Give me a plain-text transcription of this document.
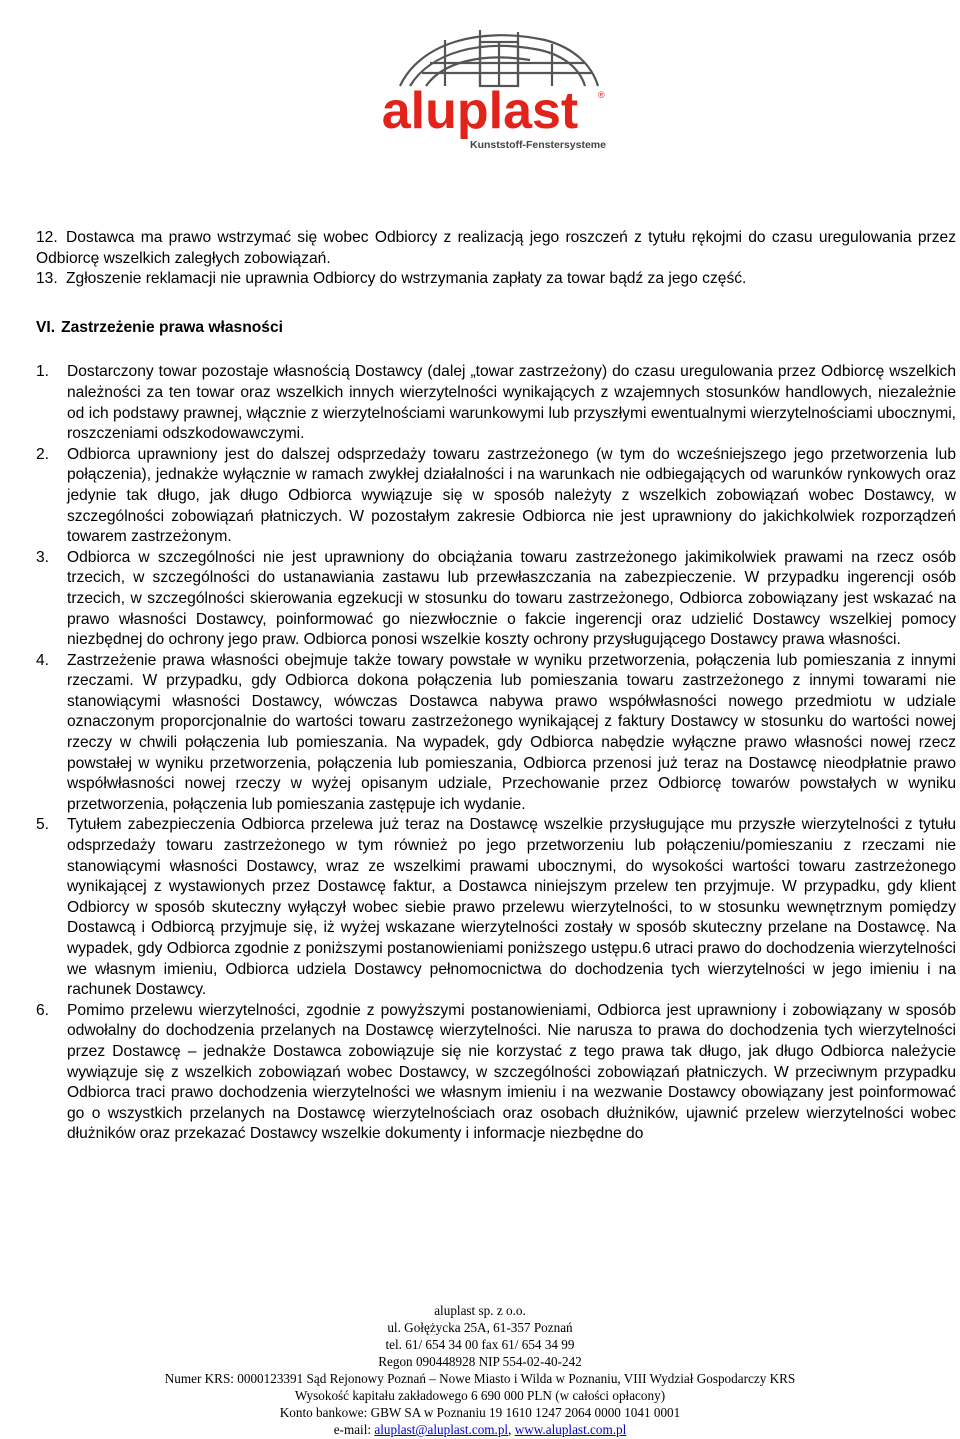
aluplast ®
Kunststoff-Fenstersysteme

12. Dostawca ma prawo wstrzymać się wobec Odbiorcy z realizacją jego roszczeń z tytułu rękojmi do czasu uregulowania przez Odbiorcę wszelkich zaległych zobowiązań.

13. Zgłoszenie reklamacji nie uprawnia Odbiorcy do wstrzymania zapłaty za towar bądź za jego część.

VI. Zastrzeżenie prawa własności

1.	Dostarczony towar pozostaje własnością Dostawcy (dalej „towar zastrzeżony) do czasu uregulowania przez Odbiorcę wszelkich należności za ten towar oraz wszelkich innych wierzytelności wynikających z wzajemnych stosunków handlowych, niezależnie od ich podstawy prawnej, włącznie z wierzytelnościami warunkowymi lub przyszłymi ewentualnymi wierzytelnościami ubocznymi, roszczeniami odszkodowawczymi.
2.	Odbiorca uprawniony jest do dalszej odsprzedaży towaru zastrzeżonego (w tym do wcześniejszego jego przetworzenia lub połączenia), jednakże wyłącznie w ramach zwykłej działalności i na warunkach nie odbiegających od warunków rynkowych oraz jedynie tak długo, jak długo Odbiorca wywiązuje się w sposób należyty z wszelkich zobowiązań wobec Dostawcy, w szczególności zobowiązań płatniczych. W pozostałym zakresie Odbiorca nie jest uprawniony do jakichkolwiek rozporządzeń towarem zastrzeżonym.
3.	Odbiorca w szczególności nie jest uprawniony do obciążania towaru zastrzeżonego jakimikolwiek prawami na rzecz osób trzecich, w szczególności do ustanawiania zastawu lub przewłaszczania na zabezpieczenie. W przypadku ingerencji osób trzecich, w szczególności skierowania egzekucji w stosunku do towaru zastrzeżonego, Odbiorca zobowiązany jest wskazać na prawo własności Dostawcy, poinformować go niezwłocznie o fakcie ingerencji oraz udzielić Dostawcy wszelkiej pomocy niezbędnej do ochrony jego praw. Odbiorca ponosi wszelkie koszty ochrony przysługującego Dostawcy prawa własności.
4.	Zastrzeżenie prawa własności obejmuje także towary powstałe w wyniku przetworzenia, połączenia lub pomieszania z innymi rzeczami. W przypadku, gdy Odbiorca dokona połączenia lub pomieszania towaru zastrzeżonego z innymi towarami nie stanowiącymi własności Dostawcy, wówczas Dostawca nabywa prawo współwłasności nowego przedmiotu w udziale oznaczonym proporcjonalnie do wartości towaru zastrzeżonego wynikającej z faktury Dostawcy w stosunku do wartości nowej rzeczy w chwili połączenia lub pomieszania. Na wypadek, gdy Odbiorca nabędzie wyłączne prawo własności nowej rzecz powstałej w wyniku przetworzenia, połączenia lub pomieszania, Odbiorca przenosi już teraz na Dostawcę nieodpłatnie prawo współwłasności nowej rzeczy w wyżej opisanym udziale, Przechowanie przez Odbiorcę towarów powstałych w wyniku przetworzenia, połączenia lub pomieszania zastępuje ich wydanie.
5.	Tytułem zabezpieczenia Odbiorca przelewa już teraz na Dostawcę wszelkie przysługujące mu przyszłe wierzytelności z tytułu odsprzedaży towaru zastrzeżonego w tym również po jego przetworzeniu lub połączeniu/pomieszaniu z rzeczami nie stanowiącymi własności Dostawcy, wraz ze wszelkimi prawami ubocznymi, do wysokości wartości towaru zastrzeżonego wynikającej z wystawionych przez Dostawcę faktur, a Dostawca niniejszym przelew ten przyjmuje. W przypadku, gdy klient Odbiorcy w sposób skuteczny wyłączył wobec siebie prawo przelewu wierzytelności, to w stosunku wewnętrznym pomiędzy Dostawcą i Odbiorcą przyjmuje się, iż wyżej wskazane wierzytelności zostały w sposób skuteczny przelane na Dostawcę. Na wypadek, gdy Odbiorca zgodnie z poniższymi postanowieniami poniższego ustępu.6 utraci prawo do dochodzenia wierzytelności we własnym imieniu, Odbiorca udziela Dostawcy pełnomocnictwa do dochodzenia tych wierzytelności w jego imieniu i na rachunek Dostawcy.
6.	Pomimo przelewu wierzytelności, zgodnie z powyższymi postanowieniami, Odbiorca jest uprawniony i zobowiązany w sposób odwołalny do dochodzenia przelanych na Dostawcę wierzytelności. Nie narusza to prawa do dochodzenia tych wierzytelności przez Dostawcę – jednakże Dostawca zobowiązuje się nie korzystać z tego prawa tak długo, jak długo Odbiorca należycie wywiązuje się z wszelkich zobowiązań wobec Dostawcy, w szczególności zobowiązań płatniczych. W przeciwnym przypadku Odbiorca traci prawo dochodzenia wierzytelności we własnym imieniu i na wezwanie Dostawcy obowiązany jest poinformować go o wszystkich przelanych na Dostawcę wierzytelnościach oraz osobach dłużników, ujawnić przelew wierzytelności wobec dłużników oraz przekazać Dostawcy wszelkie dokumenty i informacje niezbędne do
aluplast sp. z o.o.
ul. Gołężycka 25A, 61-357 Poznań
tel. 61/ 654 34 00 fax 61/ 654 34 99
Regon 090448928 NIP 554-02-40-242
Numer KRS: 0000123391 Sąd Rejonowy Poznań – Nowe Miasto i Wilda w Poznaniu, VIII Wydział Gospodarczy KRS
Wysokość kapitału zakładowego 6 690 000 PLN (w całości opłacony)
Konto bankowe: GBW SA w Poznaniu 19 1610 1247 2064 0000 1041 0001
e-mail: aluplast@aluplast.com.pl, www.aluplast.com.pl
